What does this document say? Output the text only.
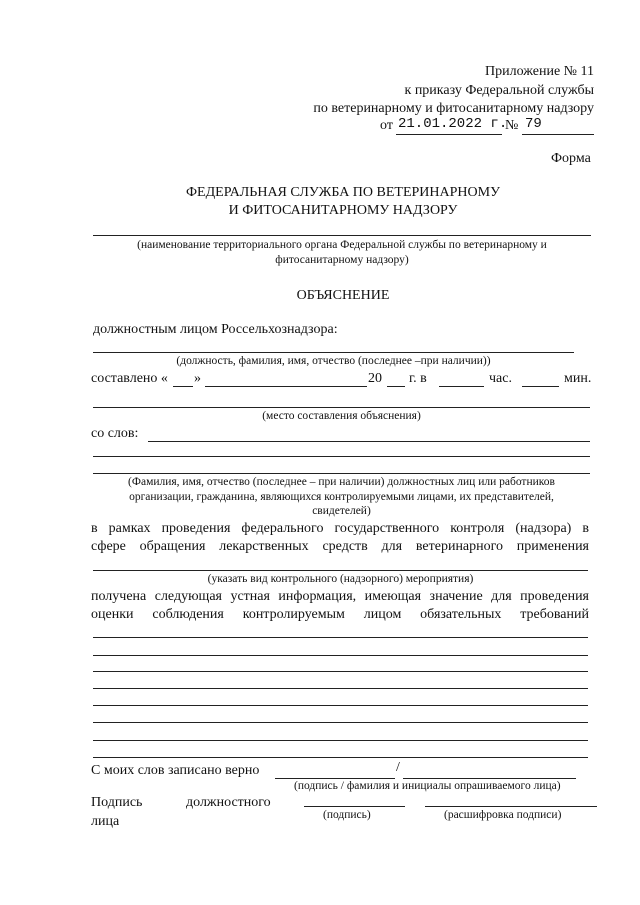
Приложение № 11
к приказу Федеральной службы
по ветеринарному и фитосанитарному надзору
от 21.01.2022 г.
№ 79
Форма
ФЕДЕРАЛЬНАЯ СЛУЖБА ПО ВЕТЕРИНАРНОМУ
И ФИТОСАНИТАРНОМУ НАДЗОРУ
(наименование территориального органа Федеральной службы по ветеринарному и
фитосанитарному надзору)
ОБЪЯСНЕНИЕ
должностным лицом Россельхознадзора:
(должность, фамилия, имя, отчество (последнее –при наличии))
составлено « »	20 г. в	час.	мин.
(место составления объяснения)
со слов:
(Фамилия, имя, отчество (последнее – при наличии) должностных лиц или работников
организации, гражданина, являющихся контролируемыми лицами, их представителей,
свидетелей)
в рамках проведения федерального государственного контроля (надзора) в
сфере обращения лекарственных средств для ветеринарного применения
(указать вид контрольного (надзорного) мероприятия)
получена следующая устная информация, имеющая значение для проведения
оценки соблюдения контролируемым лицом обязательных требований
С моих слов записано верно	/
(подпись / фамилия и инициалы опрашиваемого лица)
Подпись	должностного
лица	(подпись)	(расшифровка подписи)
